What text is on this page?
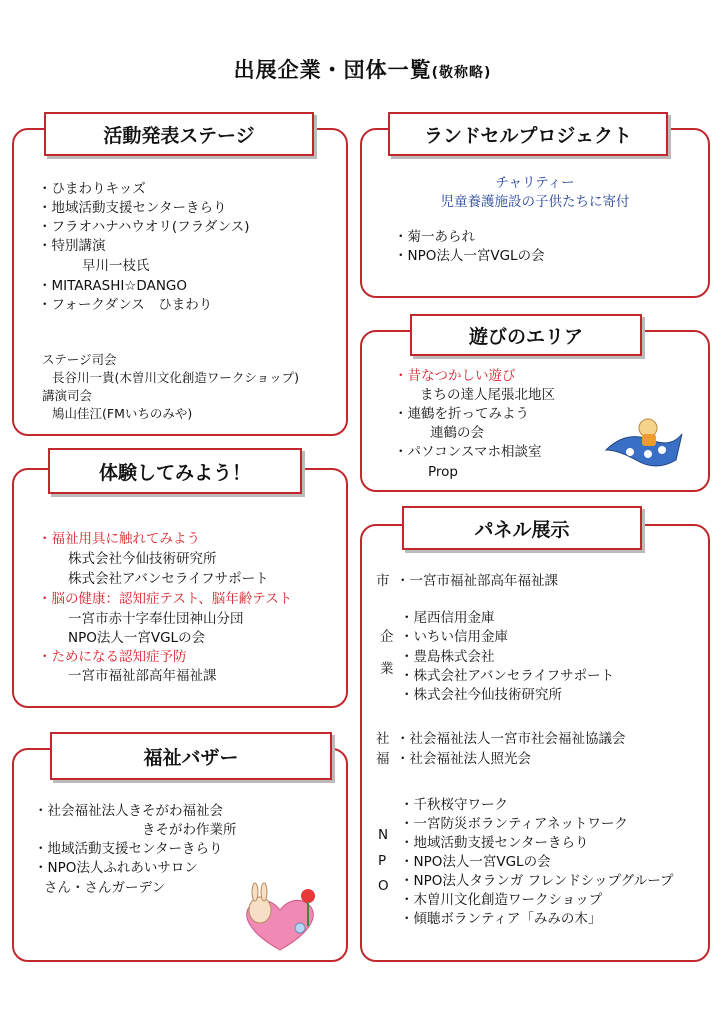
出展企業・団体一覧(敬称略)
活動発表ステージ
・ひまわりキッズ
・地域活動支援センターきらり
・フラオハナハウオリ(フラダンス)
・特別講演
早川一枝氏
・MITARASHI☆DANGO
・フォークダンス　ひまわり
ステージ司会
長谷川一貴(木曽川文化創造ワークショップ)
講演司会
鳩山佳江(FMいちのみや)
ランドセルプロジェクト
チャリティー
児童養護施設の子供たちに寄付
・菊一あられ
・NPO法人一宮VGLの会
遊びのエリア
・昔なつかしい遊び
まちの達人尾張北地区
・連鶴を折ってみよう
連鶴の会
・パソコンスマホ相談室
Prop
体験してみよう！
・福祉用具に触れてみよう
株式会社今仙技術研究所
株式会社アバンセライフサポート
・脳の健康：認知症テスト、脳年齢テスト
一宮市赤十字奉仕団神山分団
NPO法人一宮VGLの会
・ためになる認知症予防
一宮市福祉部高年福祉課
パネル展示
市 ・一宮市福祉部高年福祉課
企
業
・尾西信用金庫
・いちい信用金庫
・豊島株式会社
・株式会社アバンセライフサポート
・株式会社今仙技術研究所
社
福
・社会福祉法人一宮市社会福祉協議会
・社会福祉法人照光会
N
P
O
・千秋桜守ワーク
・一宮防災ボランティアネットワーク
・地域活動支援センターきらり
・NPO法人一宮VGLの会
・NPO法人タランガ フレンドシップグループ
・木曽川文化創造ワークショップ
・傾聴ボランティア「みみの木」
福祉バザー
・社会福祉法人きそがわ福祉会
きそがわ作業所
・地域活動支援センターきらり
・NPO法人ふれあいサロン
さん・さんガーデン
